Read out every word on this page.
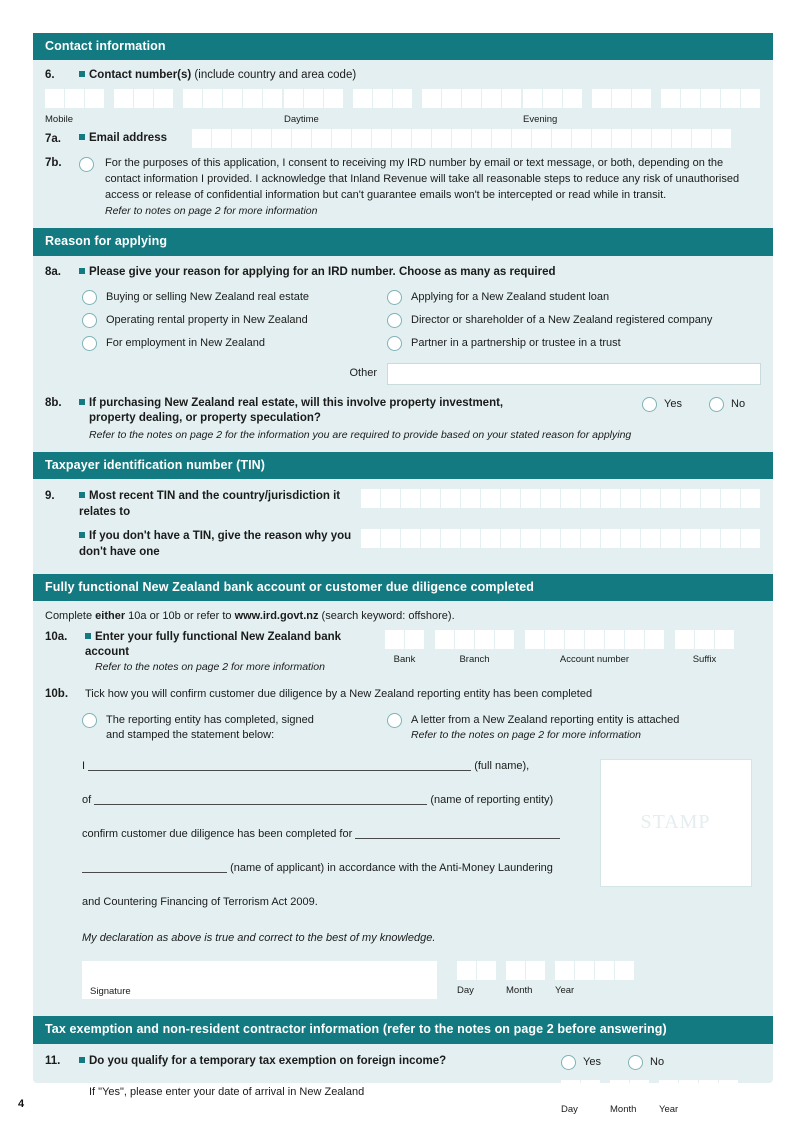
Contact information
6.	Contact number(s) (include country and area code)
Mobile	Daytime	Evening
7a.	Email address
7b.	For the purposes of this application, I consent to receiving my IRD number by email or text message, or both, depending on the contact information I provided. I acknowledge that Inland Revenue will take all reasonable steps to reduce any risk of unauthorised access or release of confidential information but can't guarantee emails won't be intercepted or read while in transit.
Refer to notes on page 2 for more information
Reason for applying
8a.	Please give your reason for applying for an IRD number. Choose as many as required
Buying or selling New Zealand real estate
Operating rental property in New Zealand
For employment in New Zealand
Applying for a New Zealand student loan
Director or shareholder of a New Zealand registered company
Partner in a partnership or trustee in a trust
Other
8b.	If purchasing New Zealand real estate, will this involve property investment,
property dealing, or property speculation?
Yes	No
Refer to the notes on page 2 for the information you are required to provide based on your stated reason for applying
Taxpayer identification number (TIN)
9.	Most recent TIN and the country/jurisdiction it relates to
If you don't have a TIN, give the reason why you don't have one
Fully functional New Zealand bank account or customer due diligence completed
Complete either 10a or 10b or refer to www.ird.govt.nz (search keyword: offshore).
10a.	Enter your fully functional New Zealand bank account
Refer to the notes on page 2 for more information
Bank	Branch	Account number	Suffix
10b.	Tick how you will confirm customer due diligence by a New Zealand reporting entity has been completed
The reporting entity has completed, signed
and stamped the statement below:
A letter from a New Zealand reporting entity is attached
Refer to the notes on page 2 for more information
I	(full name),
of	(name of reporting entity)
confirm customer due diligence has been completed for
(name of applicant) in accordance with the Anti-Money Laundering
and Countering Financing of Terrorism Act 2009.
My declaration as above is true and correct to the best of my knowledge.
STAMP
Signature	Day	Month	Year
Tax exemption and non-resident contractor information (refer to the notes on page 2 before answering)
11.	Do you qualify for a temporary tax exemption on foreign income?
If "Yes", please enter your date of arrival in New Zealand
Yes	No
Day	Month	Year
4
